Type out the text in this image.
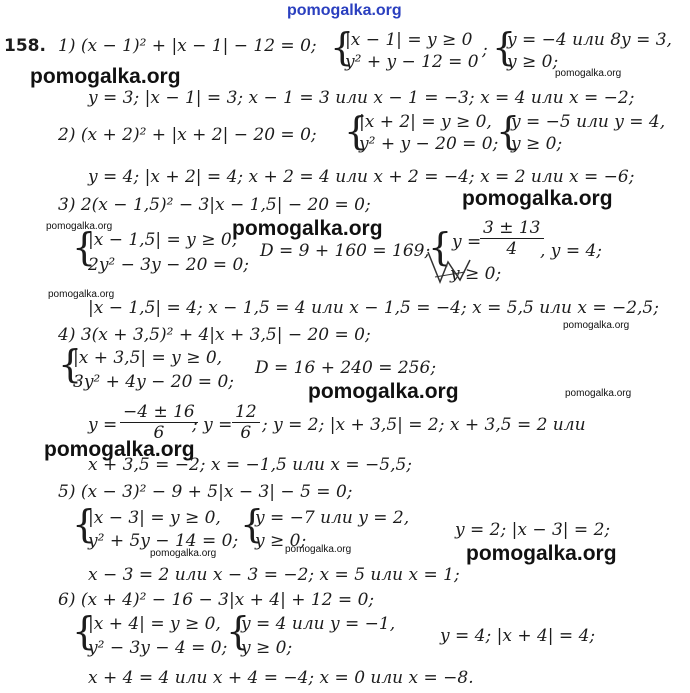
pomogalka.org
158. 1) (x − 1)² + |x − 1| − 12 = 0; {
|x − 1| = y ≥ 0
y² + y − 12 = 0
; {
y = −4 или 8y = 3,
y ≥ 0;
pomogalka.org	pomogalka.org
y = 3; |x − 1| = 3; x − 1 = 3 или x − 1 = −3; x = 4 или x = −2;
2) (x + 2)² + |x + 2| − 20 = 0; {
|x + 2| = y ≥ 0,
y² + y − 20 = 0;
{
y = −5 или y = 4,
y ≥ 0;
y = 4; |x + 2| = 4; x + 2 = 4 или x + 2 = −4; x = 2 или x = −6;
pomogalka.org
3) 2(x − 1,5)² − 3|x − 1,5| − 20 = 0;
pomogalka.org
pomogalka.org
{
|x − 1,5| = y ≥ 0,
2y² − 3y − 20 = 0;
D = 9 + 160 = 169;
{ y =
$\frac{3 \pm 13}{4}$
y ≥ 0;
, y = 4;
pomogalka.org
|x − 1,5| = 4; x − 1,5 = 4 или x − 1,5 = −4; x = 5,5 или x = −2,5;
pomogalka.org
4) 3(x + 3,5)² + 4|x + 3,5| − 20 = 0;
{
|x + 3,5| = y ≥ 0,
3y² + 4y − 20 = 0;
D = 16 + 240 = 256;
pomogalka.org	pomogalka.org
$y = \frac{-4 \pm 16}{6}$
; $y = \frac{12}{6}$ ; y = 2; |x + 3,5| = 2; x + 3,5 = 2 или
pomogalka.org
x + 3,5 = −2; x = −1,5 или x = −5,5;
5) (x − 3)² − 9 + 5|x − 3| − 5 = 0;
{
|x − 3| = y ≥ 0,
y² + 5y − 14 = 0; {
y = −7 или y = 2,
y ≥ 0;
y = 2; |x − 3| = 2;
pomogalka.org
pomogalka.org	pomogalka.org
x − 3 = 2 или x − 3 = −2; x = 5 или x = 1;
6) (x + 4)² − 16 − 3|x + 4| + 12 = 0;
{
|x + 4| = y ≥ 0,
y² − 3y − 4 = 0;
{
y = 4 или y = −1,
y ≥ 0;
y = 4; |x + 4| = 4;
x + 4 = 4 или x + 4 = −4; x = 0 или x = −8.
